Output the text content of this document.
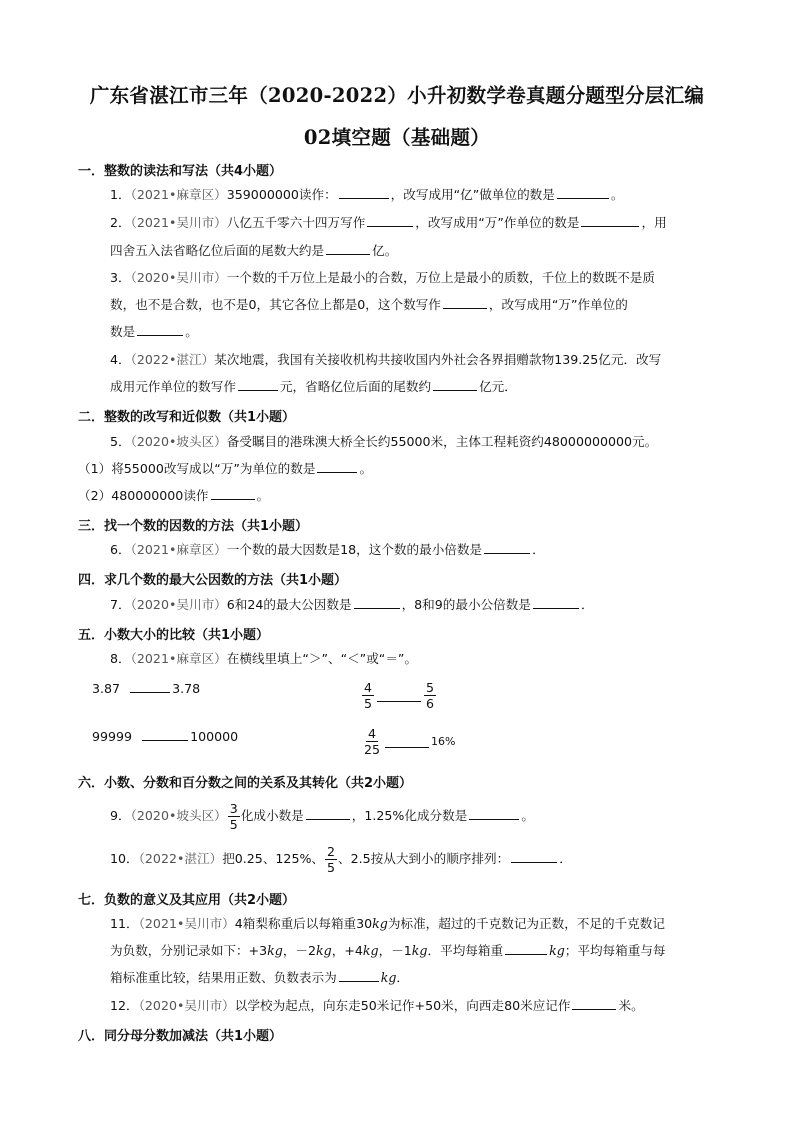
广东省湛江市三年（2020-2022）小升初数学卷真题分题型分层汇编
02填空题（基础题）
一．整数的读法和写法（共4小题）
1．（2021•麻章区）359000000读作：	，改写成用“亿”做单位的数是	。
2．（2021•吴川市）八亿五千零六十四万写作	，改写成用“万”作单位的数是	，用
四舍五入法省略亿位后面的尾数大约是	亿。
3．（2020•吴川市）一个数的千万位上是最小的合数，万位上是最小的质数，千位上的数既不是质
数，也不是合数，也不是0，其它各位上都是0，这个数写作	，改写成用“万”作单位的
数是	。
4．（2022•湛江）某次地震，我国有关接收机构共接收国内外社会各界捐赠款物139.25亿元．改写
成用元作单位的数写作	元，省略亿位后面的尾数约	亿元．
二．整数的改写和近似数（共1小题）
5．（2020•坡头区）备受瞩目的港珠澳大桥全长约55000米，主体工程耗资约48000000000元。
（1）将55000改写成以“万”为单位的数是	。
（2）480000000读作	。
三．找一个数的因数的方法（共1小题）
6．（2021•麻章区）一个数的最大因数是18，这个数的最小倍数是	．
四．求几个数的最大公因数的方法（共1小题）
7．（2020•吴川市）6和24的最大公因数是	，8和9的最小公倍数是	．
五．小数大小的比较（共1小题）
8．（2021•麻章区）在横线里填上“＞”、“＜”或“＝”。
3.87	3.78	$\frac{4}{5}$	$\frac{5}{6}$
99999	100000	$\frac{4}{25}$	16%
六．小数、分数和百分数之间的关系及其转化（共2小题）
9．（2020•坡头区） $\frac{3}{5}$ 化成小数是	，1.25%化成分数是	。
10．（2022•湛江）把0.25、125%、 $\frac{2}{5}$ 、2.5按从大到小的顺序排列：	．
七．负数的意义及其应用（共2小题）
11．（2021•吴川市）4箱梨称重后以每箱重30kg为标准，超过的千克数记为正数，不足的千克数记
为负数，分别记录如下：+3kg，－2kg，+4kg，－1kg．平均每箱重	kg；平均每箱重与每
箱标准重比较，结果用正数、负数表示为	kg．
12．（2020•吴川市）以学校为起点，向东走50米记作+50米，向西走80米应记作	米。
八．同分母分数加减法（共1小题）
